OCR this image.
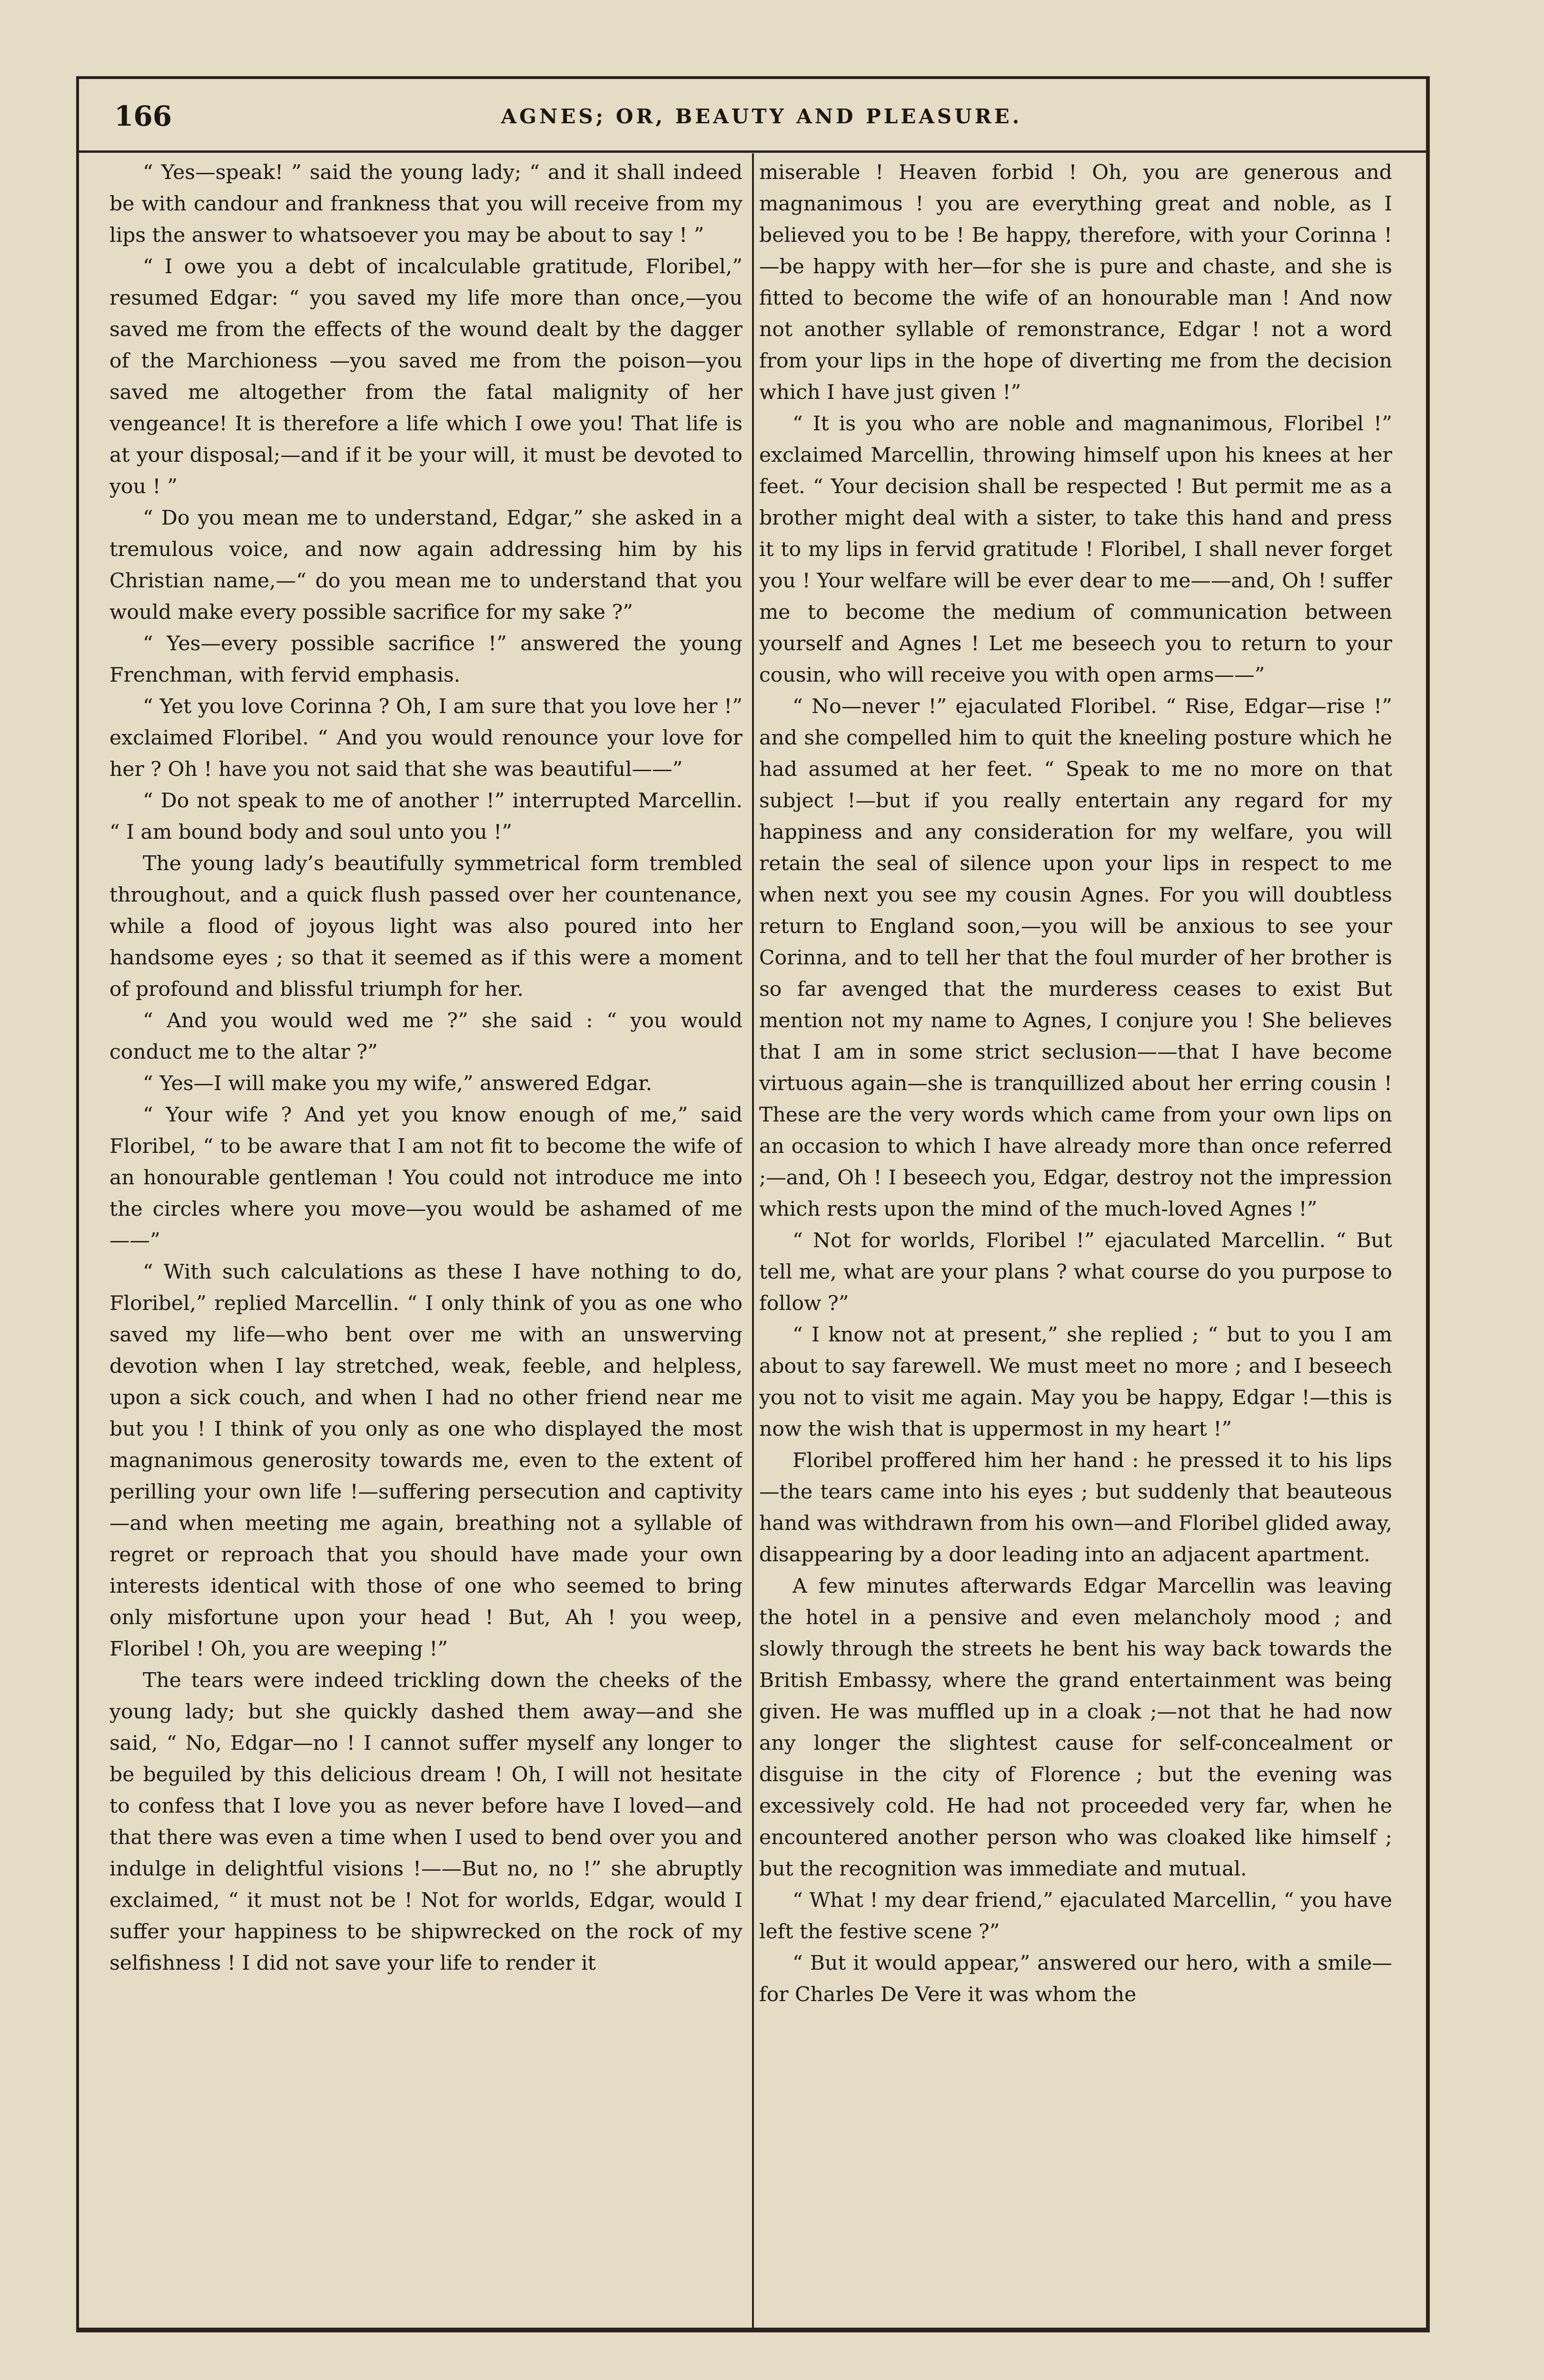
166	AGNES; OR, BEAUTY AND PLEASURE.

“ Yes—speak! ” said the young lady; “ and it shall indeed be with candour and frankness that you will receive from my lips the answer to whatsoever you may be about to say ! ”

“ I owe you a debt of incalculable gratitude, Floribel,” resumed Edgar: “ you saved my life more than once,—you saved me from the effects of the wound dealt by the dagger of the Marchioness —you saved me from the poison—you saved me altogether from the fatal malignity of her vengeance! It is therefore a life which I owe you! That life is at your disposal;—and if it be your will, it must be devoted to you ! ”

“ Do you mean me to understand, Edgar,” she asked in a tremulous voice, and now again addressing him by his Christian name,—“ do you mean me to understand that you would make every possible sacrifice for my sake ?”

“ Yes—every possible sacrifice !” answered the young Frenchman, with fervid emphasis.

“ Yet you love Corinna ? Oh, I am sure that you love her !” exclaimed Floribel. “ And you would renounce your love for her ? Oh ! have you not said that she was beautiful——”

“ Do not speak to me of another !” interrupted Marcellin. “ I am bound body and soul unto you !”

The young lady’s beautifully symmetrical form trembled throughout, and a quick flush passed over her countenance, while a flood of joyous light was also poured into her handsome eyes ; so that it seemed as if this were a moment of profound and blissful triumph for her.

“ And you would wed me ?” she said : “ you would conduct me to the altar ?”

“ Yes—I will make you my wife,” answered Edgar.

“ Your wife ? And yet you know enough of me,” said Floribel, “ to be aware that I am not fit to become the wife of an honourable gentleman ! You could not introduce me into the circles where you move—you would be ashamed of me——”

“ With such calculations as these I have nothing to do, Floribel,” replied Marcellin. “ I only think of you as one who saved my life—who bent over me with an unswerving devotion when I lay stretched, weak, feeble, and helpless, upon a sick couch, and when I had no other friend near me but you ! I think of you only as one who displayed the most magnanimous generosity towards me, even to the extent of perilling your own life !—suffering persecution and captivity—and when meeting me again, breathing not a syllable of regret or reproach that you should have made your own interests identical with those of one who seemed to bring only misfortune upon your head ! But, Ah ! you weep, Floribel ! Oh, you are weeping !”

The tears were indeed trickling down the cheeks of the young lady; but she quickly dashed them away—and she said, “ No, Edgar—no ! I cannot suffer myself any longer to be beguiled by this delicious dream ! Oh, I will not hesitate to confess that I love you as never before have I loved—and that there was even a time when I used to bend over you and indulge in delightful visions !——But no, no !” she abruptly exclaimed, “ it must not be ! Not for worlds, Edgar, would I suffer your happiness to be shipwrecked on the rock of my selfishness ! I did not save your life to render it

miserable ! Heaven forbid ! Oh, you are generous and magnanimous ! you are everything great and noble, as I believed you to be ! Be happy, therefore, with your Corinna !—be happy with her—for she is pure and chaste, and she is fitted to become the wife of an honourable man ! And now not another syllable of remonstrance, Edgar ! not a word from your lips in the hope of diverting me from the decision which I have just given !”

“ It is you who are noble and magnanimous, Floribel !” exclaimed Marcellin, throwing himself upon his knees at her feet. “ Your decision shall be respected ! But permit me as a brother might deal with a sister, to take this hand and press it to my lips in fervid gratitude ! Floribel, I shall never forget you ! Your welfare will be ever dear to me——and, Oh ! suffer me to become the medium of communication between yourself and Agnes ! Let me beseech you to return to your cousin, who will receive you with open arms——”

“ No—never !” ejaculated Floribel. “ Rise, Edgar—rise !” and she compelled him to quit the kneeling posture which he had assumed at her feet. “ Speak to me no more on that subject !—but if you really entertain any regard for my happiness and any consideration for my welfare, you will retain the seal of silence upon your lips in respect to me when next you see my cousin Agnes. For you will doubtless return to England soon,—you will be anxious to see your Corinna, and to tell her that the foul murder of her brother is so far avenged that the murderess ceases to exist But mention not my name to Agnes, I conjure you ! She believes that I am in some strict seclusion——that I have become virtuous again—she is tranquillized about her erring cousin ! These are the very words which came from your own lips on an occasion to which I have already more than once referred ;—and, Oh ! I beseech you, Edgar, destroy not the impression which rests upon the mind of the much-loved Agnes !”

“ Not for worlds, Floribel !” ejaculated Marcellin. “ But tell me, what are your plans ? what course do you purpose to follow ?”

“ I know not at present,” she replied ; “ but to you I am about to say farewell. We must meet no more ; and I beseech you not to visit me again. May you be happy, Edgar !—this is now the wish that is uppermost in my heart !”

Floribel proffered him her hand : he pressed it to his lips—the tears came into his eyes ; but suddenly that beauteous hand was withdrawn from his own—and Floribel glided away, disappearing by a door leading into an adjacent apartment.

A few minutes afterwards Edgar Marcellin was leaving the hotel in a pensive and even melancholy mood ; and slowly through the streets he bent his way back towards the British Embassy, where the grand entertainment was being given. He was muffled up in a cloak ;—not that he had now any longer the slightest cause for self-concealment or disguise in the city of Florence ; but the evening was excessively cold. He had not proceeded very far, when he encountered another person who was cloaked like himself ; but the recognition was immediate and mutual.

“ What ! my dear friend,” ejaculated Marcellin, “ you have left the festive scene ?”

“ But it would appear,” answered our hero, with a smile—for Charles De Vere it was whom the
